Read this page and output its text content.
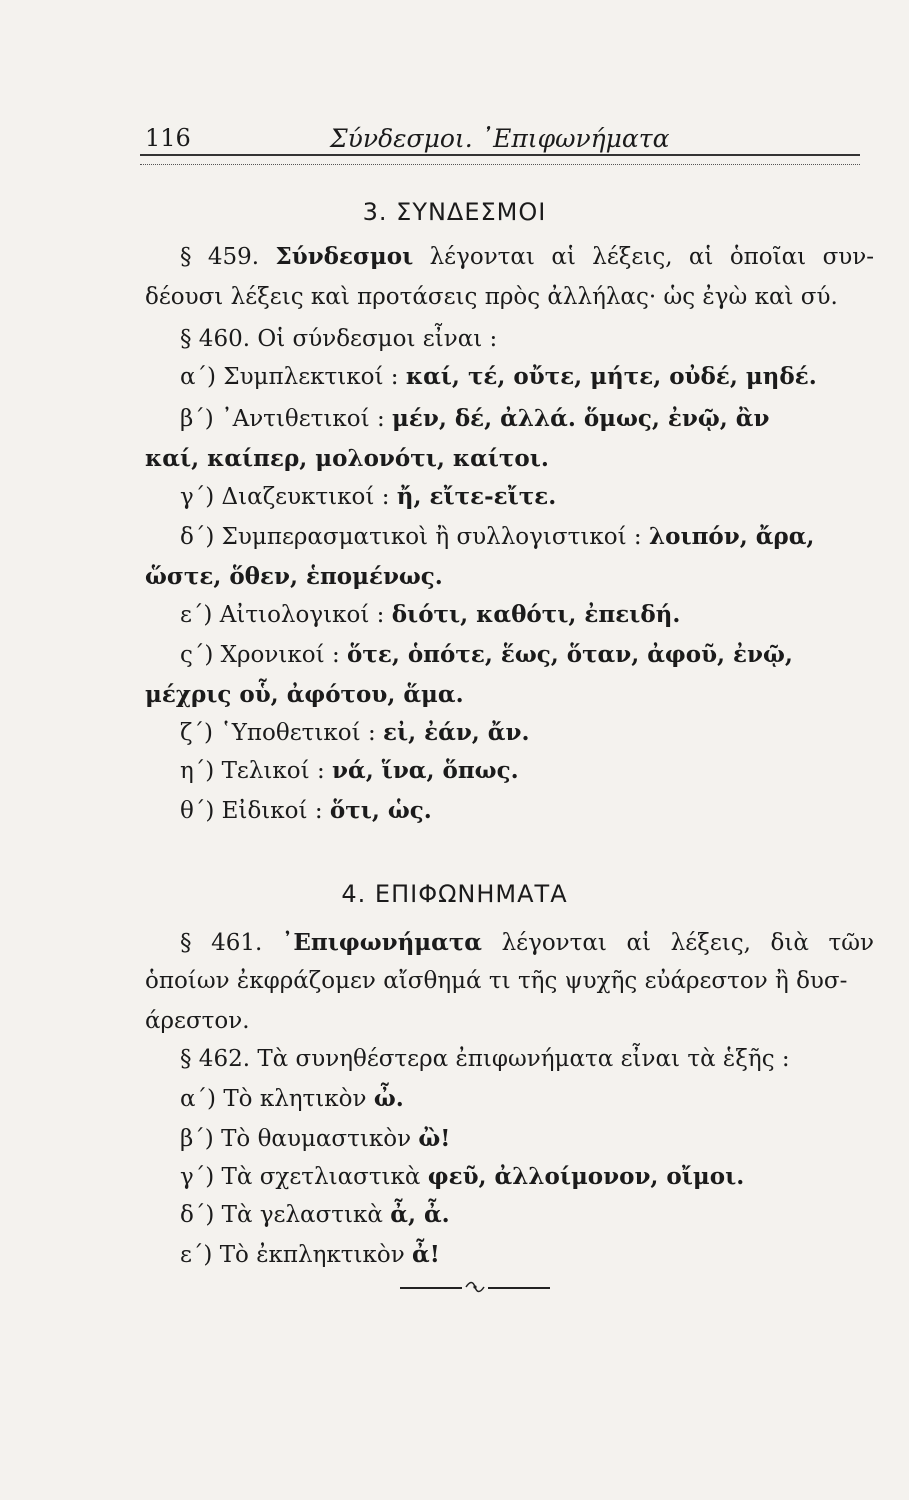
116	Σύνδεσμοι. ᾿Επιφωνήματα
3. ΣΥΝΔΕΣΜΟΙ
§ 459. Σύνδεσμοι λέγονται αἱ λέξεις, αἱ ὁποῖαι συν-
δέουσι λέξεις καὶ προτάσεις πρὸς ἀλλήλας· ὡς ἐγὼ καὶ σύ.
§ 460. Οἱ σύνδεσμοι εἶναι :
α΄) Συμπλεκτικοί : καί, τέ, οὔτε, μήτε, οὐδέ, μηδέ.
β΄) ᾿Αντιθετικοί : μέν, δέ, ἀλλά. ὅμως, ἐνῷ, ἂν
καί, καίπερ, μολονότι, καίτοι.
γ΄) Διαζευκτικοί : ἤ, εἴτε-εἴτε.
δ΄) Συμπερασματικοὶ ἢ συλλογιστικοί : λοιπόν, ἄρα,
ὥστε, ὅθεν, ἑπομένως.
ε΄) Αἰτιολογικοί : διότι, καθότι, ἐπειδή.
ς΄) Χρονικοί : ὅτε, ὁπότε, ἕως, ὅταν, ἀφοῦ, ἐνῷ,
μέχρις οὗ, ἀφότου, ἅμα.
ζ΄) ῾Υποθετικοί : εἰ, ἐάν, ἄν.
η΄) Τελικοί : νά, ἵνα, ὅπως.
θ΄) Εἰδικοί : ὅτι, ὡς.
4. ΕΠΙΦΩΝΗΜΑΤΑ
§ 461. ᾿Επιφωνήματα λέγονται αἱ λέξεις, διὰ τῶν
ὁποίων ἐκφράζομεν αἴσθημά τι τῆς ψυχῆς εὐάρεστον ἢ δυσ-
άρεστον.
§ 462. Τὰ συνηθέστερα ἐπιφωνήματα εἶναι τὰ ἑξῆς :
α΄) Τὸ κλητικὸν ὦ.
β΄) Τὸ θαυμαστικὸν ὢ!
γ΄) Τὰ σχετλιαστικὰ φεῦ, ἀλλοίμονον, οἴμοι.
δ΄) Τὰ γελαστικὰ ἆ, ἆ.
ε΄) Τὸ ἐκπληκτικὸν ἆ!
